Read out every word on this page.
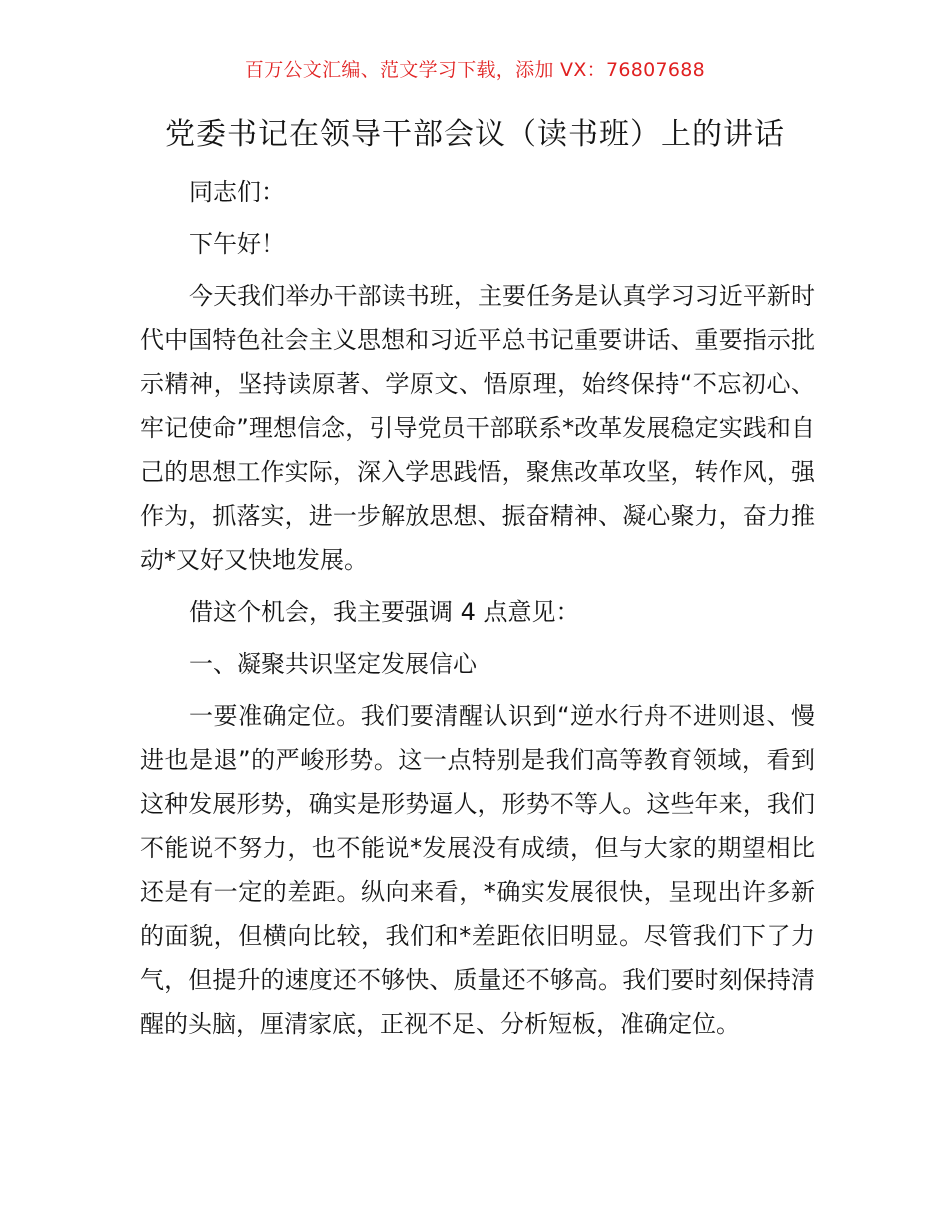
百万公文汇编、范文学习下载，添加 VX：76807688
党委书记在领导干部会议（读书班）上的讲话

同志们：

下午好！

今天我们举办干部读书班，主要任务是认真学习习近平新时代中国特色社会主义思想和习近平总书记重要讲话、重要指示批示精神，坚持读原著、学原文、悟原理，始终保持“不忘初心、牢记使命”理想信念，引导党员干部联系*改革发展稳定实践和自己的思想工作实际，深入学思践悟，聚焦改革攻坚，转作风，强作为，抓落实，进一步解放思想、振奋精神、凝心聚力，奋力推动*又好又快地发展。

借这个机会，我主要强调 4 点意见：

一、凝聚共识坚定发展信心

一要准确定位。我们要清醒认识到“逆水行舟不进则退、慢进也是退”的严峻形势。这一点特别是我们高等教育领域，看到这种发展形势，确实是形势逼人，形势不等人。这些年来，我们不能说不努力，也不能说*发展没有成绩，但与大家的期望相比还是有一定的差距。纵向来看，*确实发展很快，呈现出许多新的面貌，但横向比较，我们和*差距依旧明显。尽管我们下了力气，但提升的速度还不够快、质量还不够高。我们要时刻保持清醒的头脑，厘清家底，正视不足、分析短板，准确定位。
